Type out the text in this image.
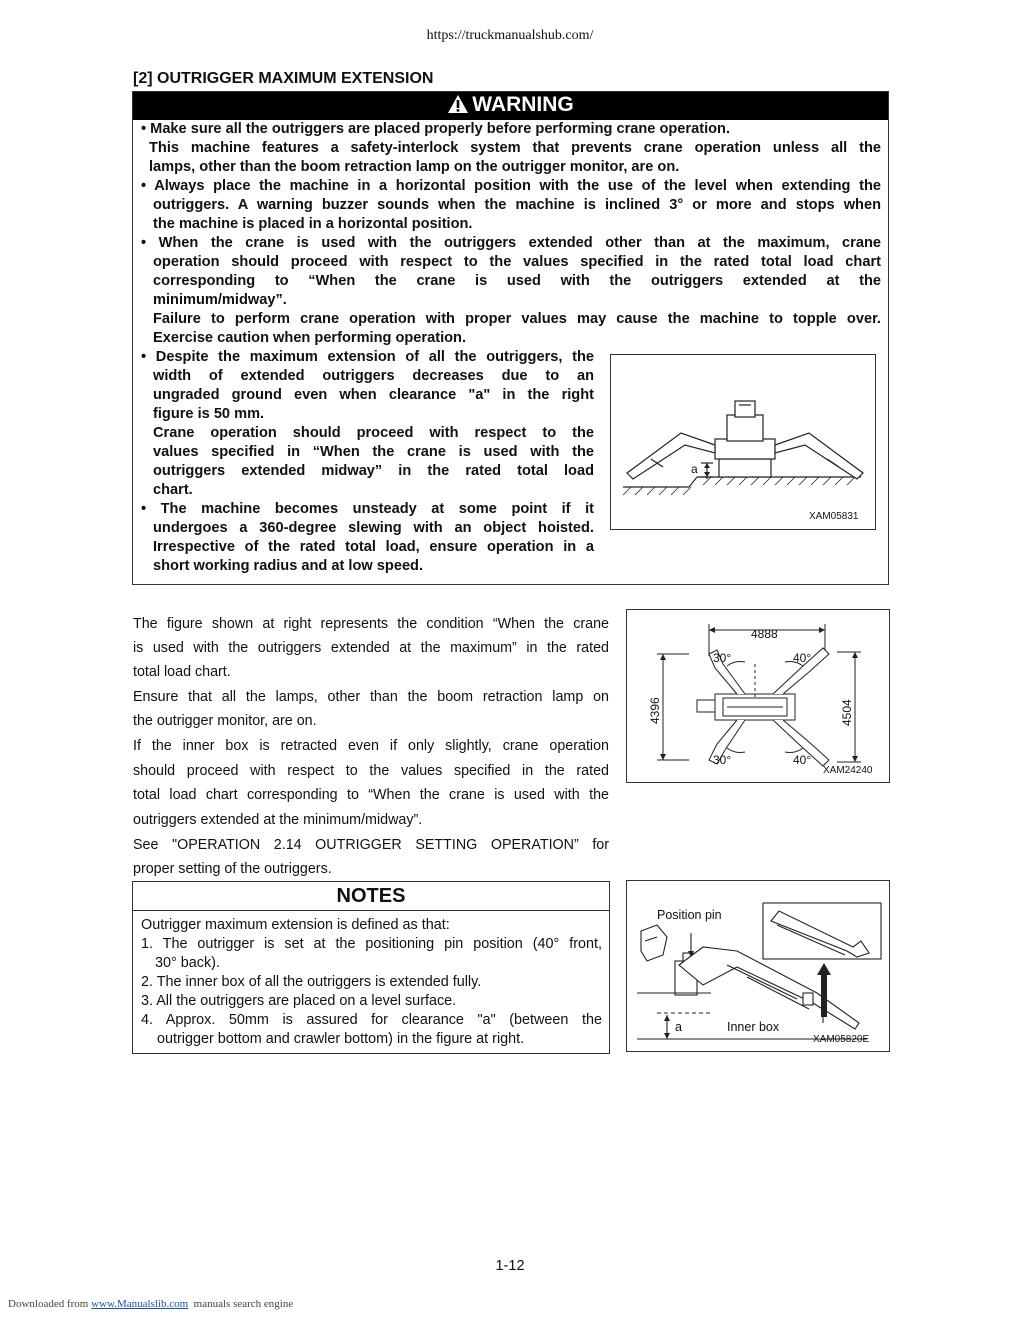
https://truckmanualshub.com/
[2] OUTRIGGER MAXIMUM EXTENSION
WARNING
• Make sure all the outriggers are placed properly before performing crane operation.
This machine features a safety-interlock system that prevents crane operation unless all the
lamps, other than the boom retraction lamp on the outrigger monitor, are on.
• Always place the machine in a horizontal position with the use of the level when extending the
outriggers. A warning buzzer sounds when the machine is inclined 3° or more and stops when
the machine is placed in a horizontal position.
• When the crane is used with the outriggers extended other than at the maximum, crane
operation should proceed with respect to the values specified in the rated total load chart
corresponding to “When the crane is used with the outriggers extended at the
minimum/midway”.
Failure to perform crane operation with proper values may cause the machine to topple over.
Exercise caution when performing operation.
• Despite the maximum extension of all the outriggers, the
width of extended outriggers decreases due to an
ungraded ground even when clearance "a" in the right
figure is 50 mm.
Crane operation should proceed with respect to the
values specified in “When the crane is used with the
outriggers extended midway” in the rated total load
chart.
• The machine becomes unsteady at some point if it
undergoes a 360-degree slewing with an object hoisted.
Irrespective of the rated total load, ensure operation in a
short working radius and at low speed.
a
XAM05831
The figure shown at right represents the condition “When the crane
is used with the outriggers extended at the maximum” in the rated
total load chart.
Ensure that all the lamps, other than the boom retraction lamp on
the outrigger monitor, are on.
If the inner box is retracted even if only slightly, crane operation
should proceed with respect to the values specified in the rated
total load chart corresponding to “When the crane is used with the
outriggers extended at the minimum/midway”.
See "OPERATION 2.14 OUTRIGGER SETTING OPERATION” for
proper setting of the outriggers.
4888
4396	4504
30°	40°
30°	40°
XAM24240
NOTES
Outrigger maximum extension is defined as that:
1. The outrigger is set at the positioning pin position (40° front,
30° back).
2. The inner box of all the outriggers is extended fully.
3. All the outriggers are placed on a level surface.
4. Approx. 50mm is assured for clearance "a" (between the
outrigger bottom and crawler bottom) in the figure at right.
Position pin
Inner box
a
XAM05820E
1-12
Downloaded from www.Manualslib.com manuals search engine
